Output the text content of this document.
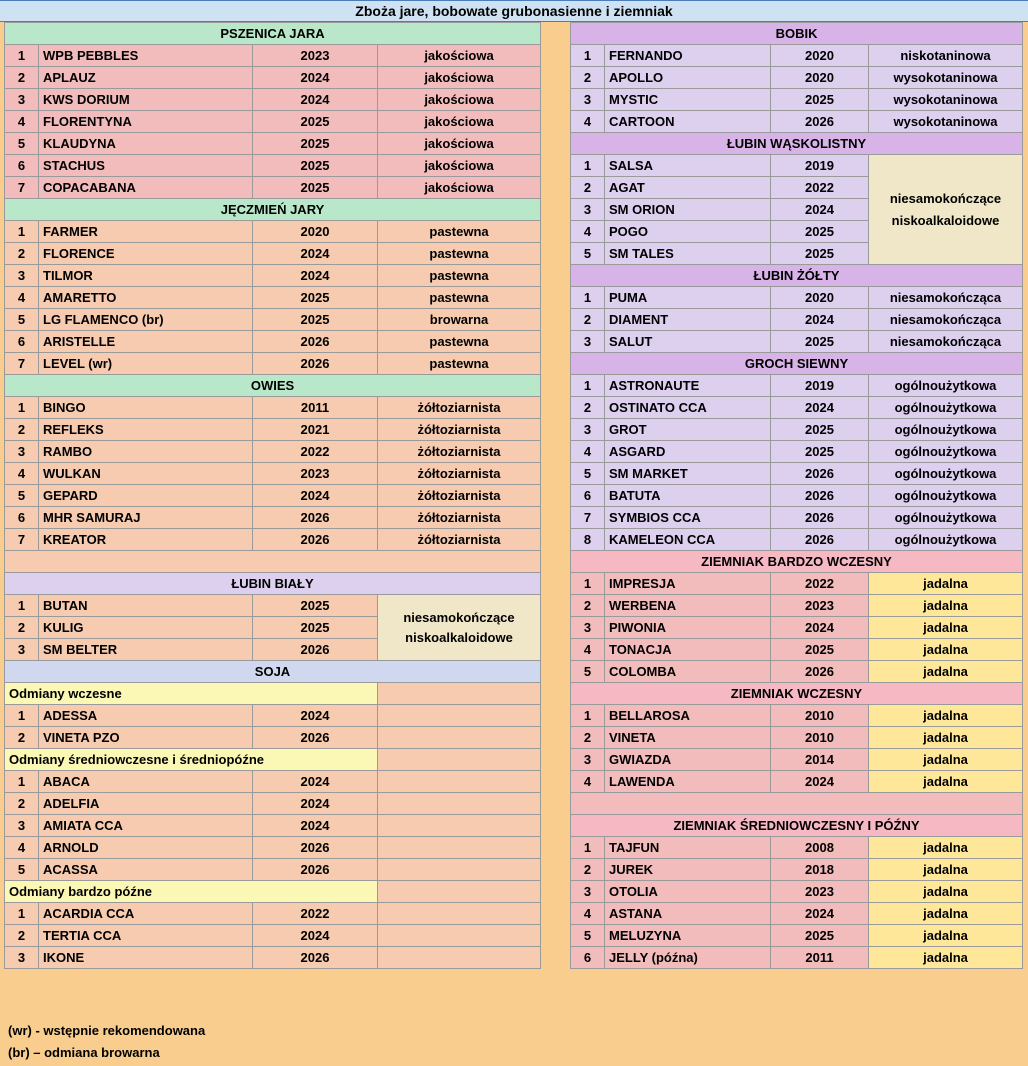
Zboża jare, bobowate grubonasienne i ziemniak
PSZENICA JARA			
1	WPB PEBBLES	2023	jakościowa
2	APLAUZ	2024	jakościowa
3	KWS DORIUM	2024	jakościowa
4	FLORENTYNA	2025	jakościowa
5	KLAUDYNA	2025	jakościowa
6	STACHUS	2025	jakościowa
7	COPACABANA	2025	jakościowa
JĘCZMIEŃ JARY			
1	FARMER	2020	pastewna
2	FLORENCE	2024	pastewna
3	TILMOR	2024	pastewna
4	AMARETTO	2025	pastewna
5	LG FLAMENCO (br)	2025	browarna
6	ARISTELLE	2026	pastewna
7	LEVEL (wr)	2026	pastewna
OWIES			
1	BINGO	2011	żółtoziarnista
2	REFLEKS	2021	żółtoziarnista
3	RAMBO	2022	żółtoziarnista
4	WULKAN	2023	żółtoziarnista
5	GEPARD	2024	żółtoziarnista
6	MHR SAMURAJ	2026	żółtoziarnista
7	KREATOR	2026	żółtoziarnista

ŁUBIN BIAŁY			
1	BUTAN	2025	niesamokończące niskoalkaloidowe
2	KULIG	2025	
3	SM BELTER	2026	
SOJA			
Odmiany wczesne			
1	ADESSA	2024	
2	VINETA PZO	2026	
Odmiany średniowczesne i średniopóźne			
1	ABACA	2024	
2	ADELFIA	2024	
3	AMIATA CCA	2024	
4	ARNOLD	2026	
5	ACASSA	2026	
Odmiany bardzo późne			
1	ACARDIA CCA	2022	
2	TERTIA CCA	2024	
3	IKONE	2026	
BOBIK			
1	FERNANDO	2020	niskotaninowa
2	APOLLO	2020	wysokotaninowa
3	MYSTIC	2025	wysokotaninowa
4	CARTOON	2026	wysokotaninowa
ŁUBIN WĄSKOLISTNY			
1	SALSA	2019	niesamokończące niskoalkaloidowe
2	AGAT	2022	
3	SM ORION	2024	
4	POGO	2025	
5	SM TALES	2025	
ŁUBIN ŻÓŁTY			
1	PUMA	2020	niesamokończąca
2	DIAMENT	2024	niesamokończąca
3	SALUT	2025	niesamokończąca
GROCH SIEWNY			
1	ASTRONAUTE	2019	ogólnoużytkowa
2	OSTINATO CCA	2024	ogólnoużytkowa
3	GROT	2025	ogólnoużytkowa
4	ASGARD	2025	ogólnoużytkowa
5	SM MARKET	2026	ogólnoużytkowa
6	BATUTA	2026	ogólnoużytkowa
7	SYMBIOS CCA	2026	ogólnoużytkowa
8	KAMELEON CCA	2026	ogólnoużytkowa
ZIEMNIAK BARDZO WCZESNY			
1	IMPRESJA	2022	jadalna
2	WERBENA	2023	jadalna
3	PIWONIA	2024	jadalna
4	TONACJA	2025	jadalna
5	COLOMBA	2026	jadalna
ZIEMNIAK WCZESNY			
1	BELLAROSA	2010	jadalna
2	VINETA	2010	jadalna
3	GWIAZDA	2014	jadalna
4	LAWENDA	2024	jadalna

ZIEMNIAK ŚREDNIOWCZESNY I PÓŹNY			
1	TAJFUN	2008	jadalna
2	JUREK	2018	jadalna
3	OTOLIA	2023	jadalna
4	ASTANA	2024	jadalna
5	MELUZYNA	2025	jadalna
6	JELLY (późna)	2011	jadalna
(wr) - wstępnie rekomendowana
(br) – odmiana browarna
